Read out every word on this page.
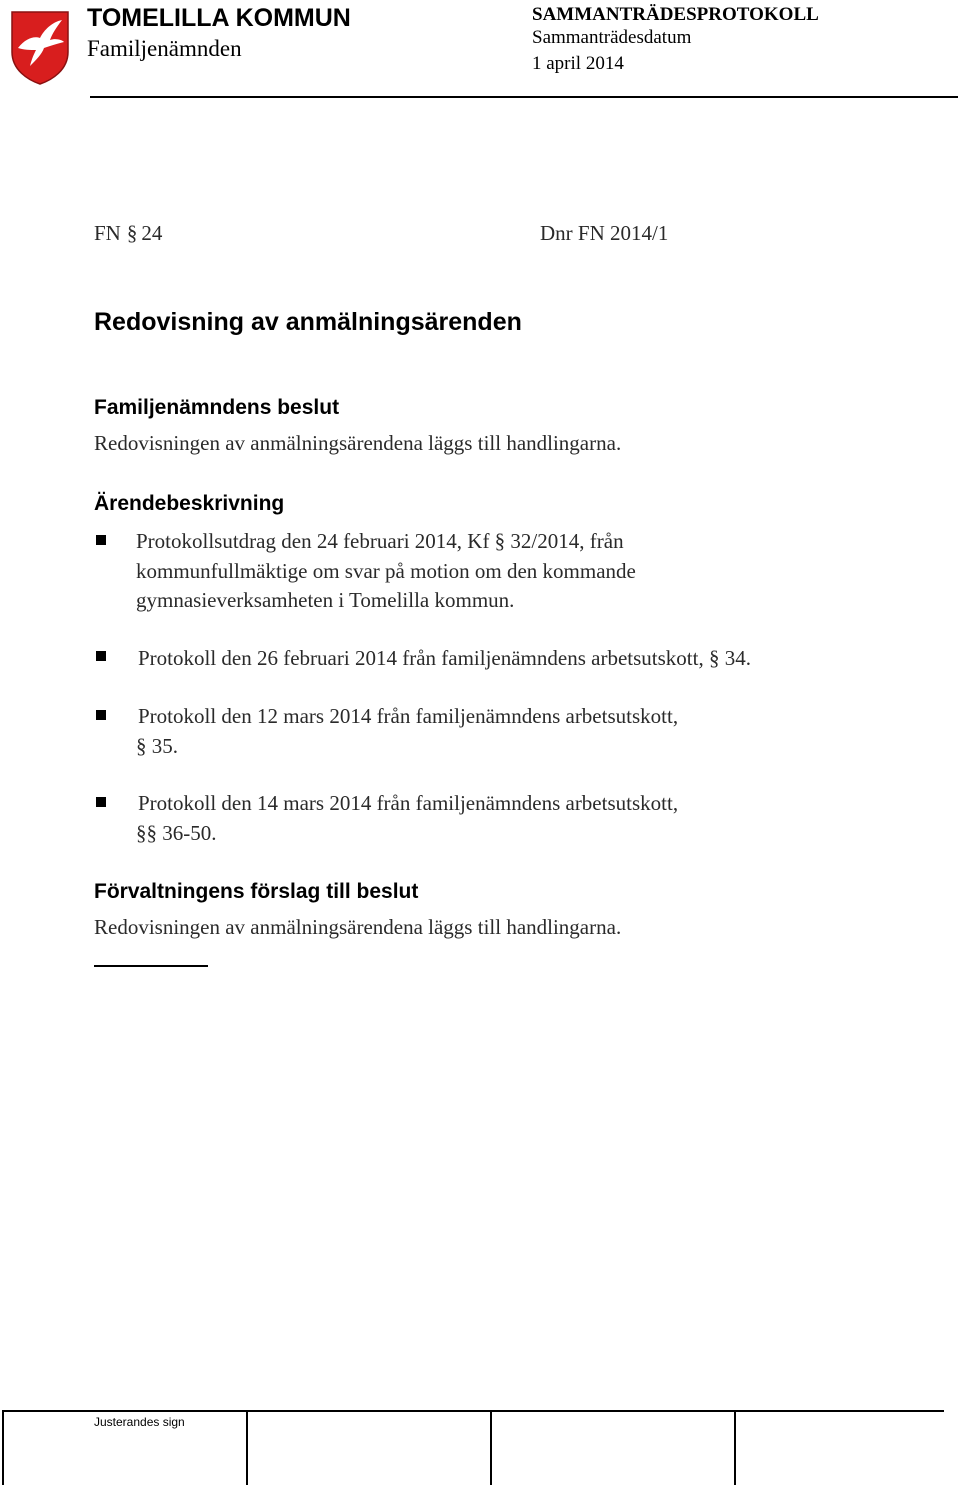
TOMELILLA KOMMUN
Familjenämnden
SAMMANTRÄDESPROTOKOLL
Sammanträdesdatum
1 april 2014
FN § 24	Dnr FN 2014/1
Redovisning av anmälningsärenden
Familjenämndens beslut
Redovisningen av anmälningsärendena läggs till handlingarna.
Ärendebeskrivning
Protokollsutdrag den 24 februari 2014, Kf § 32/2014, från
kommunfullmäktige om svar på motion om den kommande
gymnasieverksamheten i Tomelilla kommun.
Protokoll den 26 februari 2014 från familjenämndens arbetsutskott, § 34.
Protokoll den 12 mars 2014 från familjenämndens arbetsutskott,
§ 35.
Protokoll den 14 mars 2014 från familjenämndens arbetsutskott,
§§ 36-50.
Förvaltningens förslag till beslut
Redovisningen av anmälningsärendena läggs till handlingarna.
Justerandes sign
